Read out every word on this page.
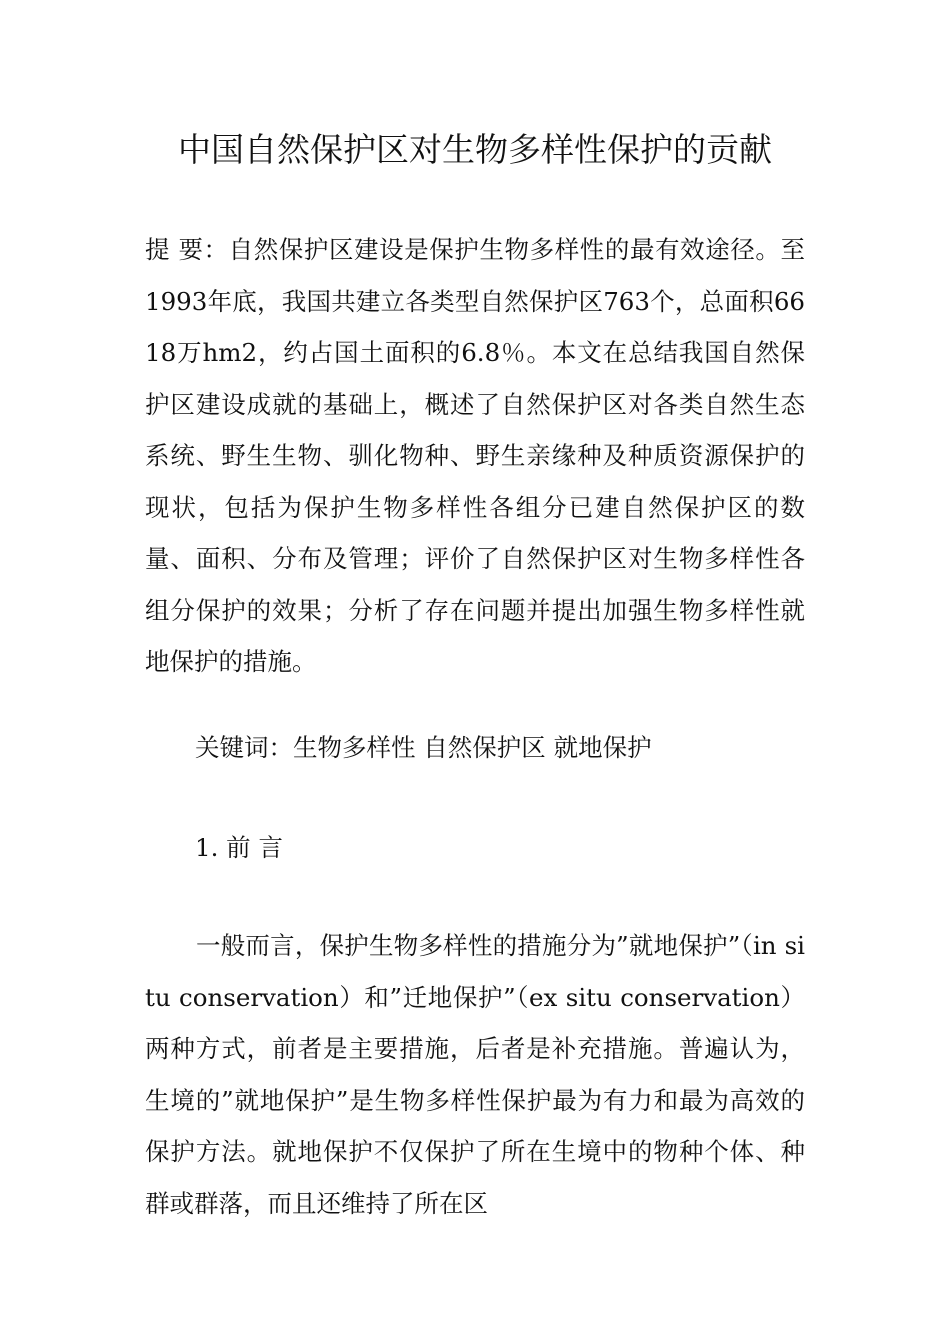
中国自然保护区对生物多样性保护的贡献

提 要：自然保护区建设是保护生物多样性的最有效途径。至1993年底，我国共建立各类型自然保护区763个，总面积6618万hm2，约占国土面积的6.8％。本文在总结我国自然保护区建设成就的基础上，概述了自然保护区对各类自然生态系统、野生生物、驯化物种、野生亲缘种及种质资源保护的现状，包括为保护生物多样性各组分已建自然保护区的数量、面积、分布及管理；评价了自然保护区对生物多样性各组分保护的效果；分析了存在问题并提出加强生物多样性就地保护的措施。

关键词：生物多样性 自然保护区 就地保护

1. 前 言

一般而言，保护生物多样性的措施分为”就地保护”（in situ conservation）和”迁地保护”（ex situ conservation）两种方式，前者是主要措施，后者是补充措施。普遍认为，生境的”就地保护”是生物多样性保护最为有力和最为高效的保护方法。就地保护不仅保护了所在生境中的物种个体、种群或群落，而且还维持了所在区
